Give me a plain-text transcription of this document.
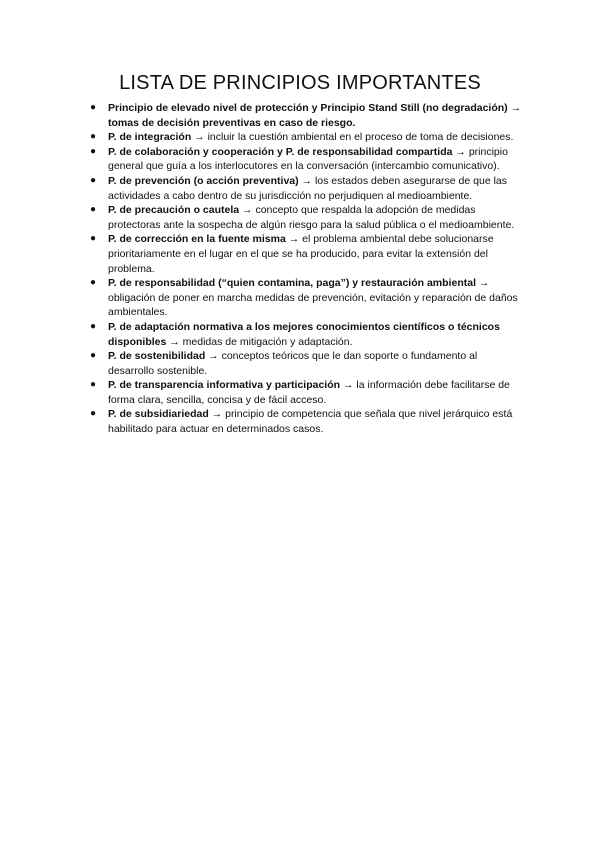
LISTA DE PRINCIPIOS IMPORTANTES
● Principio de elevado nivel de protección y Principio Stand Still (no degradación) → tomas de decisión preventivas en caso de riesgo.
● P. de integración → incluir la cuestión ambiental en el proceso de toma de decisiones.
● P. de colaboración y cooperación y P. de responsabilidad compartida → principio general que guía a los interlocutores en la conversación (intercambio comunicativo).
● P. de prevención (o acción preventiva) → los estados deben asegurarse de que las actividades a cabo dentro de su jurisdicción no perjudiquen al medioambiente.
● P. de precaución o cautela → concepto que respalda la adopción de medidas protectoras ante la sospecha de algún riesgo para la salud pública o el medioambiente.
● P. de corrección en la fuente misma → el problema ambiental debe solucionarse prioritariamente en el lugar en el que se ha producido, para evitar la extensión del problema.
● P. de responsabilidad (“quien contamina, paga”) y restauración ambiental → obligación de poner en marcha medidas de prevención, evitación y reparación de daños ambientales.
● P. de adaptación normativa a los mejores conocimientos científicos o técnicos disponibles → medidas de mitigación y adaptación.
● P. de sostenibilidad → conceptos teóricos que le dan soporte o fundamento al desarrollo sostenible.
● P. de transparencia informativa y participación → la información debe facilitarse de forma clara, sencilla, concisa y de fácil acceso.
● P. de subsidiariedad → principio de competencia que señala que nivel jerárquico está habilitado para actuar en determinados casos.
